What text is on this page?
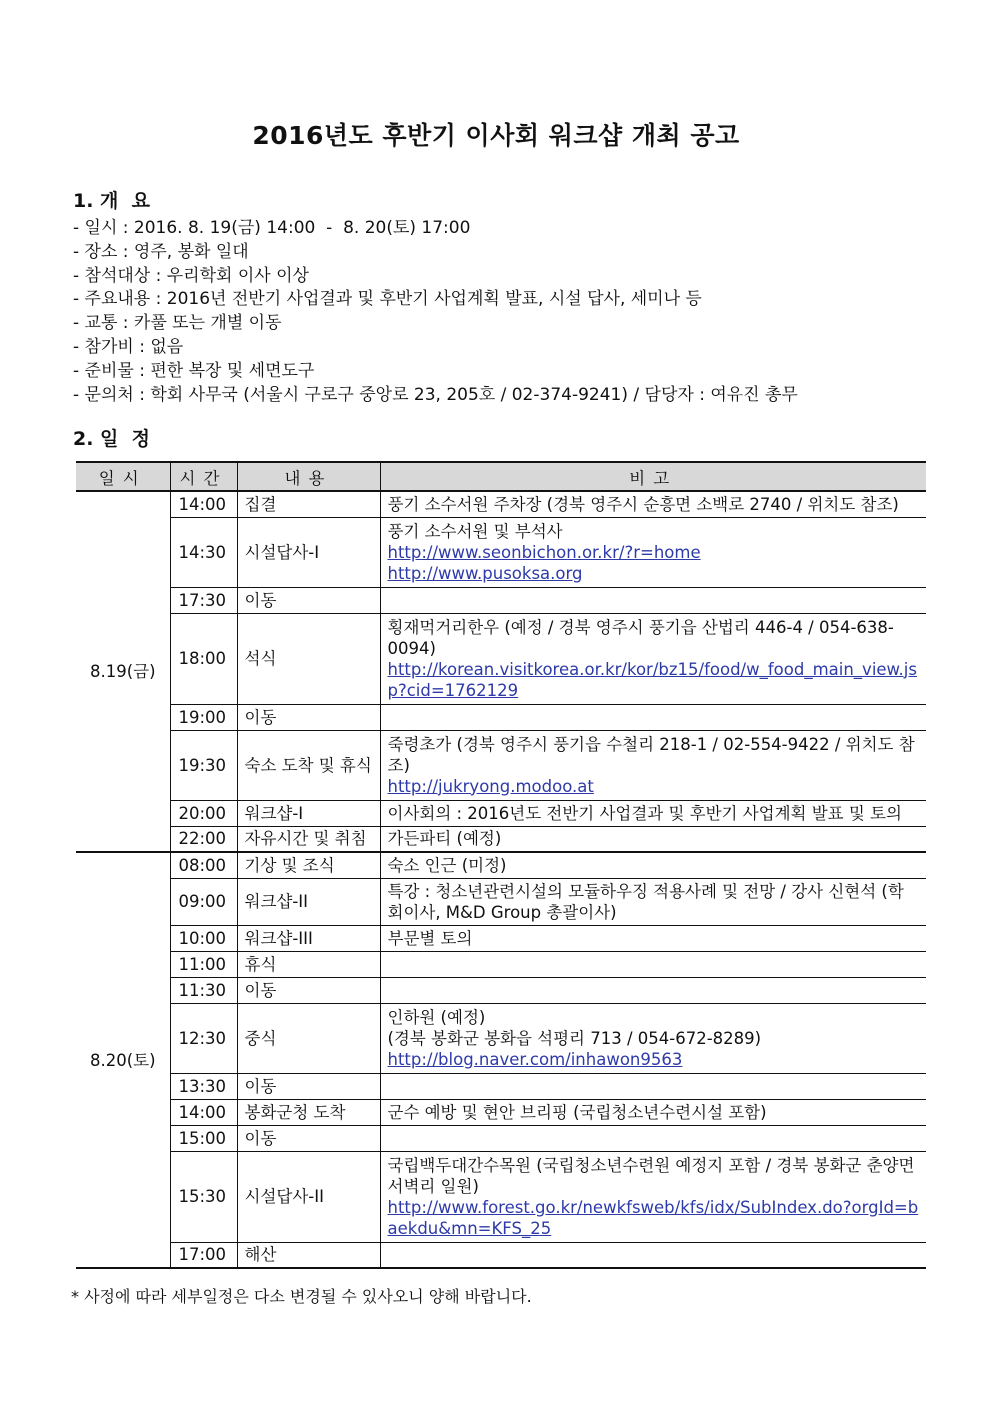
2016년도 후반기 이사회 워크샵 개최 공고
1. 개  요
- 일시 : 2016. 8. 19(금) 14:00  -  8. 20(토) 17:00
- 장소 : 영주, 봉화 일대
- 참석대상 : 우리학회 이사 이상
- 주요내용 : 2016년 전반기 사업결과 및 후반기 사업계획 발표, 시설 답사, 세미나 등
- 교통 : 카풀 또는 개별 이동
- 참가비 : 없음
- 준비물 : 편한 복장 및 세면도구
- 문의처 : 학회 사무국 (서울시 구로구 중앙로 23, 205호 / 02-374-9241) / 담당자 : 여유진 총무
2. 일  정
일시	시간	내용	비고
8.19(금)	14:00	집결	풍기 소수서원 주차장 (경북 영주시 순흥면 소백로 2740 / 위치도 참조)

	14:30	시설답사-I	풍기 소수서원 및 부석사
http://www.seonbichon.or.kr/?r=home
http://www.pusoksa.org

	17:30	이동	
	18:00	석식	횡재먹거리한우 (예정 / 경북 영주시 풍기읍 산법리 446-4 / 054-638-0094)
http://korean.visitkorea.or.kr/kor/bz15/food/w_food_main_view.jsp?cid=1762129

	19:00	이동	
	19:30	숙소 도착 및 휴식	죽령초가 (경북 영주시 풍기읍 수철리 218-1 / 02-554-9422 / 위치도 참조)
http://jukryong.modoo.at

	20:00	워크샵-I	이사회의 : 2016년도 전반기 사업결과 및 후반기 사업계획 발표 및 토의

	22:00	자유시간 및 취침	가든파티 (예정)

8.20(토)	08:00	기상 및 조식	숙소 인근 (미정)

	09:00	워크샵-II	특강 : 청소년관련시설의 모듈하우징 적용사례 및 전망 / 강사 신현석 (학회이사, M&D Group 총괄이사)

	10:00	워크샵-III	부문별 토의

	11:00	휴식	
	11:30	이동	
	12:30	중식	인하원 (예정)
(경북 봉화군 봉화읍 석평리 713 / 054-672-8289)
http://blog.naver.com/inhawon9563

	13:30	이동	
	14:00	봉화군청 도착	군수 예방 및 현안 브리핑 (국립청소년수련시설 포함)

	15:00	이동	
	15:30	시설답사-II	국립백두대간수목원 (국립청소년수련원 예정지 포함 / 경북 봉화군 춘양면 서벽리 일원)
http://www.forest.go.kr/newkfsweb/kfs/idx/SubIndex.do?orgId=baekdu&mn=KFS_25

	17:00	해산	
* 사정에 따라 세부일정은 다소 변경될 수 있사오니 양해 바랍니다.
